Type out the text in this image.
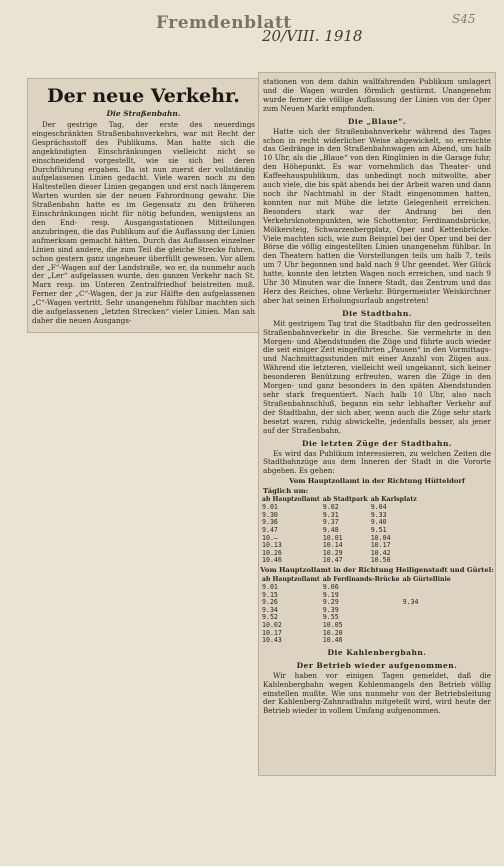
Fremdenblatt
20/VIII. 1918
S45
Der neue Verkehr.
Die Straßenbahn.

Der gestrige Tag, der erste des neuerdings eingeschränkten Straßenbahnverkehrs, war mit Recht der Gesprächsstoff des Publikums. Man hatte sich die angekündigten Einschränkungen vielleicht nicht so einschneidend vorgestellt, wie sie sich bei deren Durchführung ergaben. Da ist nun zuerst der vollständig aufgelassenen Linien gedacht. Viele waren noch zu den Haltestellen dieser Linien gegangen und erst nach längerem Warten wurden sie der neuen Fahrordnung gewahr. Die Straßenbahn hatte es im Gegensatz zu den früheren Einschränkungen nicht für nötig befunden, wenigstens an den End- resp. Ausgangsstationen Mitteilungen anzubringen, die das Publikum auf die Auflassung der Linien aufmerksam gemacht hätten. Durch das Auflassen einzelner Linien sind andere, die zum Teil die gleiche Strecke fuhren, schon gestern ganz ungeheuer überfüllt gewesen. Vor allem der „F“-Wagen auf der Landstraße, wo er, da nunmehr auch der „Ler“ aufgelassen wurde, den ganzen Verkehr nach St. Marx resp. im Unteren Zentralfriedhof beistreiten muß. Ferner der „C“-Wagen, der ja zur Hälfte den aufgelassenen „C“-Wagen vertritt. Sehr unangenehm fühlbar machten sich die aufgelassenen „letzten Strecken“ vieler Linien. Man sah daher die neuen Ausgangs-

stationen von dem dahin wallfahrenden Publikum umlagert und die Wagen wurden förmlich gestürmt. Unangenehm wurde ferner die völlige Auflassung der Linien von der Oper zum Neuen Markt empfunden.

Die „Blaue“.

Hatte sich der Straßenbahnverkehr während des Tages schon in recht widerlicher Weise abgewickelt, so erreichte das Gedränge in den Straßenbahnwagen am Abend, um halb 10 Uhr, als die „Blaue“ von den Ringlinien in die Garage fuhr, den Höhepunkt. Es war vornehmlich das Theater- und Kaffeehauspublikum, das unbedingt noch mitwollte, aber auch viele, die bis spät abends bei der Arbeit waren und dann noch ihr Nachtmahl in der Stadt eingenommen hatten, konnten nur mit Mühe die letzte Gelegenheit erreichen. Besonders stark war der Andrang bei den Verkehrsknotenpunkten, wie Schottentor, Ferdinandsbrücke, Mölkersteig, Schwarzenbergplatz, Oper und Kettenbrücke. Viele machten sich, wie zum Beispiel bei der Oper und bei der Börse die völlig eingestellten Linien unangenehm fühlbar. In den Theatern hatten die Vorstellungen teils um halb 7, teils um 7 Uhr begonnen und bald nach 9 Uhr geendet. Wer Glück hatte, konnte den letzten Wagen noch erreichen, und nach 9 Uhr 30 Minuten war die Innere Stadt, das Zentrum und das Herz des Reiches, ohne Verkehr. Bürgermeister Weiskirchner aber hat seinen Erholungsurlaub angetreten!

Die Stadtbahn.

Mit gestrigem Tag trat die Stadtbahn für den gedrosselten Straßenbahnverkehr in die Bresche. Sie vermehrte in den Morgen- und Abendstunden die Züge und führte auch wieder die seit einiger Zeit eingeführten „Pausen“ in den Vormittags- und Nachmittagsstunden mit einer Anzahl von Zügen aus. Während die letzteren, vielleicht weil ungekannt, sich keiner besonderen Benützung erfreuten, waren die Züge in den Morgen- und ganz besonders in den späten Abendstunden sehr stark frequentiert. Nach halb 10 Uhr, also nach Straßenbahnschluß, begann ein sehr lebhafter Verkehr auf der Stadtbahn, der sich aber, wenn auch die Züge sehr stark besetzt waren, ruhig abwickelte, jedenfalls besser, als jener auf der Straßenbahn.

Die letzten Züge der Stadtbahn.

Es wird das Publikum interessieren, zu welchen Zeiten die Stadtbahnzüge aus dem Inneren der Stadt in die Vororte abgehen. Es gehen:

Vom Hauptzollamt in der Richtung Hütteldorf
Täglich um:
ab Hauptzollamt	ab Stadtpark	ab Karlsplatz
9.01	9.02	9.04
9.30	9.31	9.33
9.36	9.37	9.40
9.47	9.48	9.51
10.—	10.01	10.04
10.13	10.14	10.17
10.26	10.29	10.42
10.46	10.47	10.50
Vom Hauptzollamt in der Richtung Heiligenstadt und Gürtel:
ab Hauptzollamt	ab Ferdinands-Brücke	ab Gürtellinie
9.01	9.06	
9.15	9.19	
9.26	9.29	9.34
9.34	9.39	
9.52	9.55	
10.02	10.05	
10.17	10.20	
10.43	10.46	
Die Kahlenbergbahn.
Der Betrieb wieder aufgenommen.

Wir haben vor einigen Tagen gemeldet, daß die Kahlenbergbahn wegen Kohlenmangels den Betrieb völlig einstellen mußte. Wie uns nunmehr von der Betriebsleitung der Kahlenberg-Zahnradbahn mitgeteilt wird, wird heute der Betrieb wieder in vollem Umfang aufgenommen.
